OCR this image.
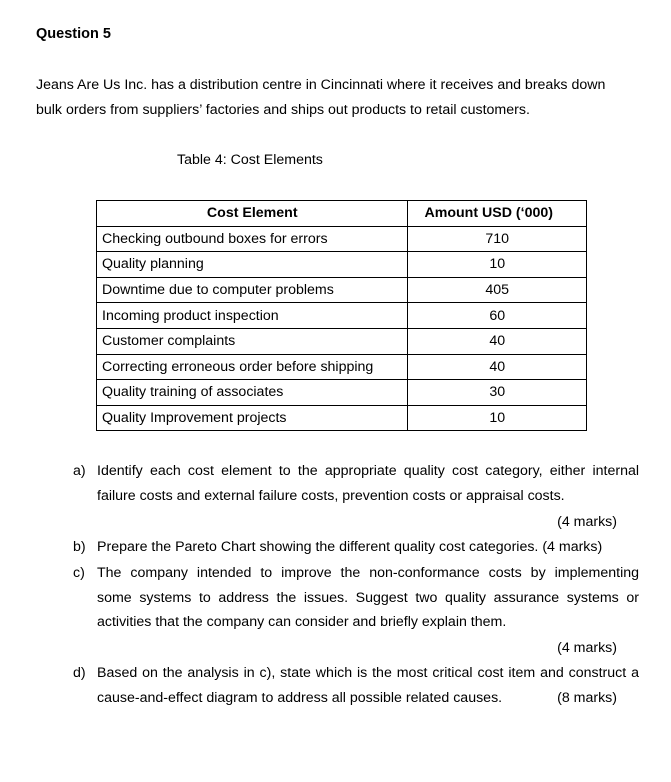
Question 5
Jeans Are Us Inc. has a distribution centre in Cincinnati where it receives and breaks down
bulk orders from suppliers’ factories and ships out products to retail customers.
Table 4: Cost Elements
Cost Element	Amount USD (‘000)
Checking outbound boxes for errors	710
Quality planning	10
Downtime due to computer problems	405
Incoming product inspection	60
Customer complaints	40
Correcting erroneous order before shipping	40
Quality training of associates	30
Quality Improvement projects	10
a) Identify each cost element to the appropriate quality cost category, either internal
failure costs and external failure costs, prevention costs or appraisal costs.
(4 marks)
b) Prepare the Pareto Chart showing the different quality cost categories. (4 marks)
c) The company intended to improve the non-conformance costs by implementing
some systems to address the issues. Suggest two quality assurance systems or
activities that the company can consider and briefly explain them.
(4 marks)
d) Based on the analysis in c), state which is the most critical cost item and construct a
cause-and-effect diagram to address all possible related causes.	(8 marks)
